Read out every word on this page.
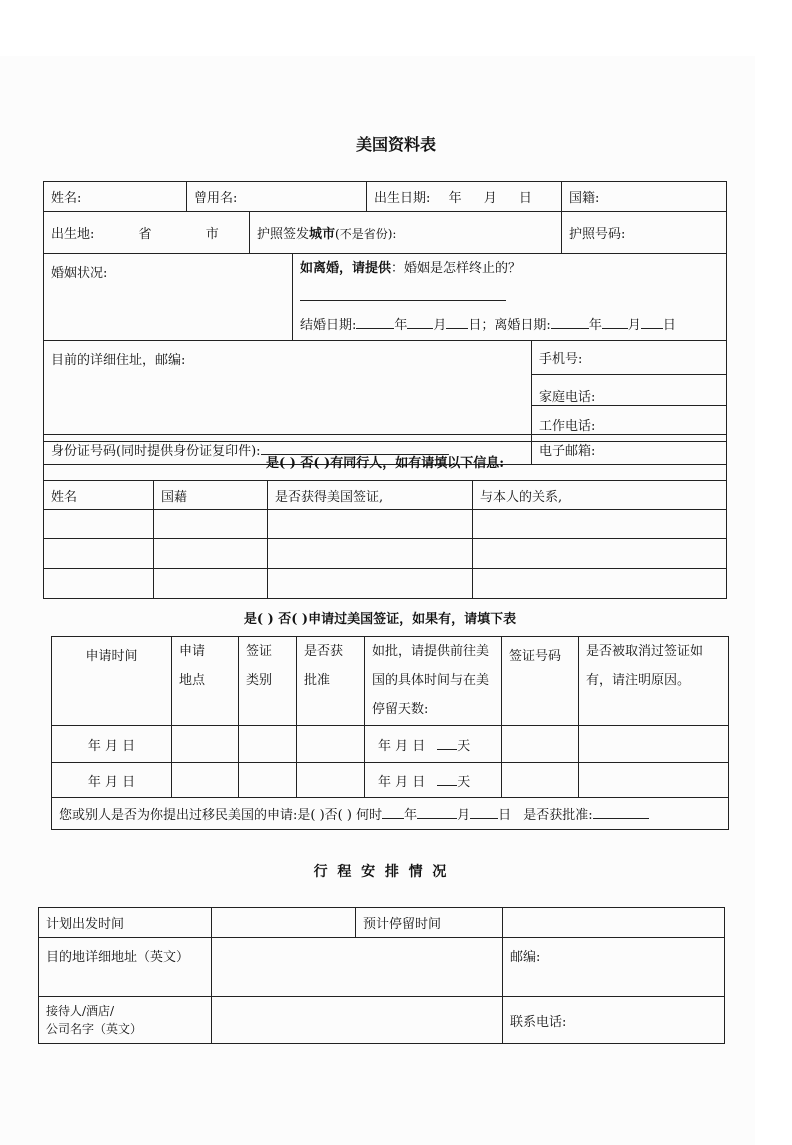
美国资料表
姓名:	曾用名:			出生日期: 年 月 日		国籍:
出生地: 省 市		护照签发城市(不是省份):				护照号码:
婚姻状况:			如离婚，请提供：婚姻是怎样终止的？
结婚日期: 年 月 日；离婚日期: 年 月 日			

目前的详细住址，邮编:					手机号:	
					家庭电话:	
					工作电话:	
身份证号码(同时提供身份证复印件):					电子邮箱:	
是( ) 否( )有同行人，如有请填以下信息:			
姓名	国藉	是否获得美国签证,	与本人的关系,

是( ) 否( )申请过美国签证，如果有，请填下表
申请时间	申请地点	签证类别	是否获批准	如批，请提供前往美国的具体时间与在美停留天数:	签证号码	是否被取消过签证如有，请注明原因。

年 月 日				年 月 日 天		
年 月 日				年 月 日 天		
您或别人是否为你提出过移民美国的申请:是( )否( ) 何时 年 月 日 是否获批准:						
行  程  安  排  情  况
计划出发时间		预计停留时间	
目的地详细地址（英文）			邮编:

接待人/酒店/
公司名字（英文）			联系电话:
